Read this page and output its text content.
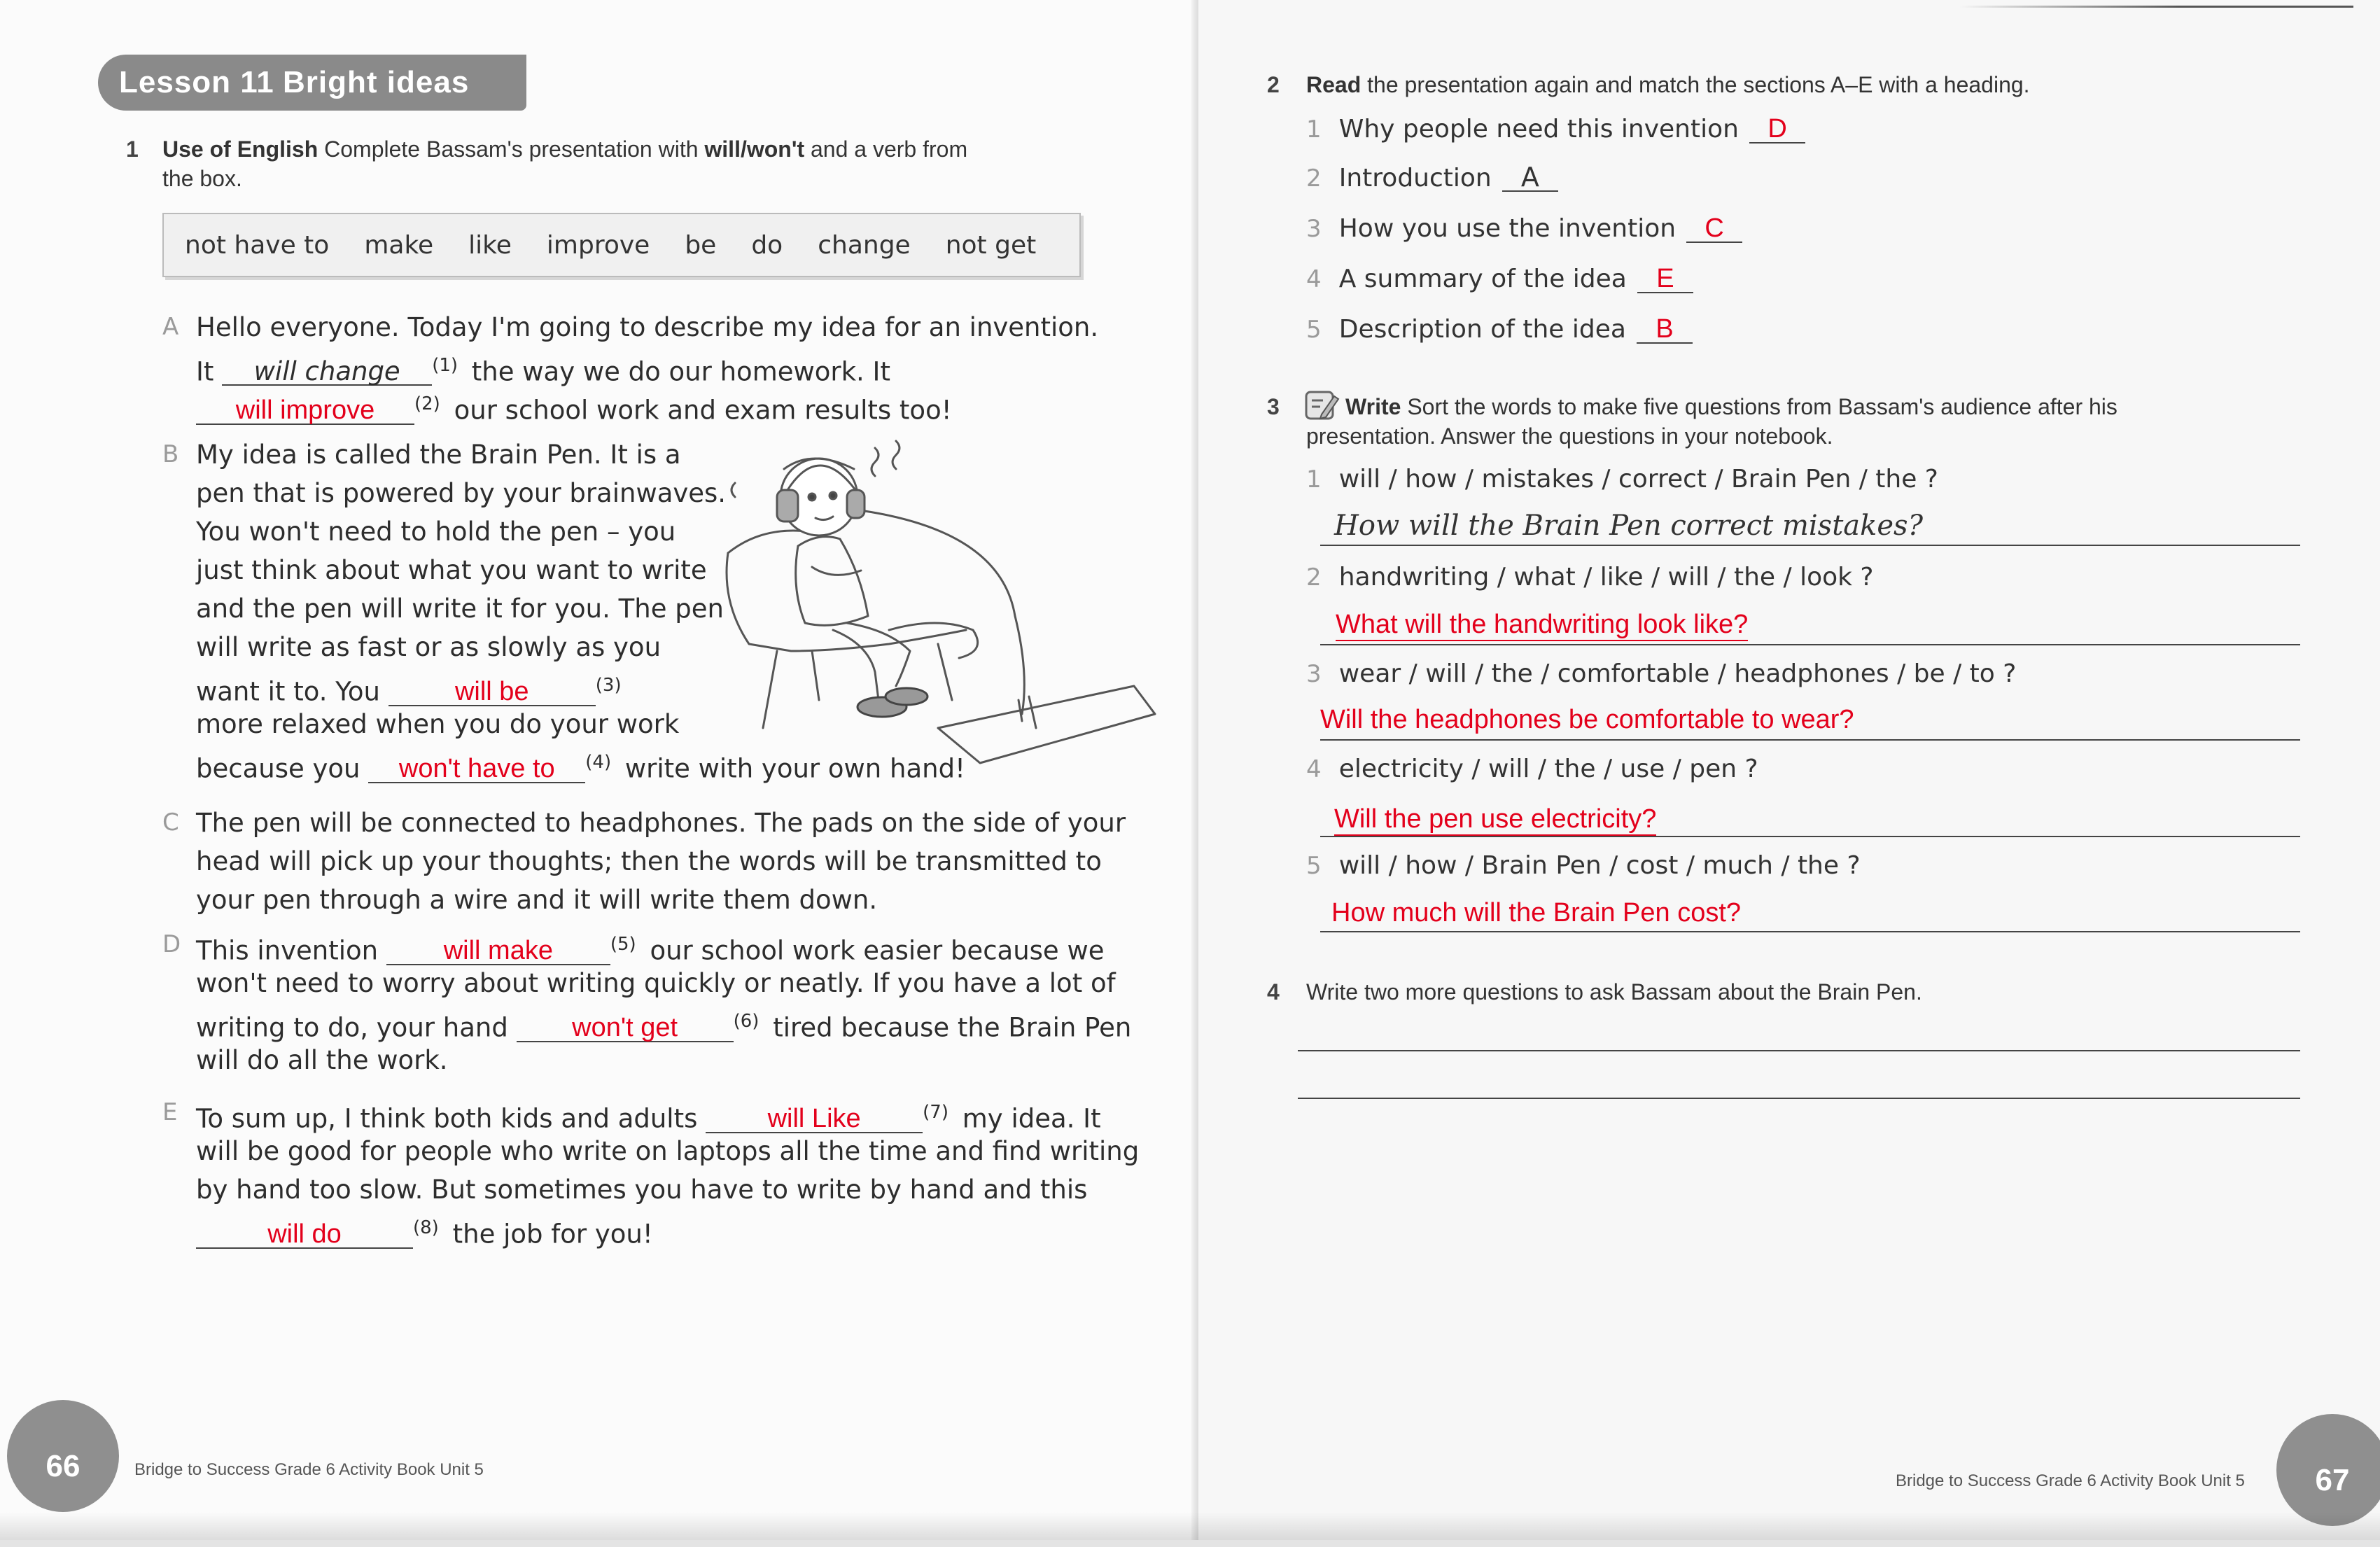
Lesson 11 Bright ideas
1 Use of English Complete Bassam's presentation with will/won't and a verb from
the box.
not have to make like improve be do change not get
A Hello everyone. Today I'm going to describe my idea for an invention.
It will change $^{(1)}$ the way we do our homework. It
will improve $^{(2)}$ our school work and exam results too!
B My idea is called the Brain Pen. It is a
pen that is powered by your brainwaves.
You won't need to hold the pen – you
just think about what you want to write
and the pen will write it for you. The pen
will write as fast or as slowly as you
want it to. You	will be	$^{(3)}$
more relaxed when you do your work
because you won't have to $^{(4)}$ write with your own hand!
C The pen will be connected to headphones. The pads on the side of your
head will pick up your thoughts; then the words will be transmitted to
your pen through a wire and it will write them down.
D This invention will make	$^{(5)}$ our school work easier because we
won't need to worry about writing quickly or neatly. If you have a lot of
writing to do, your hand won't get	$^{(6)}$ tired because the Brain Pen
will do all the work.
E To sum up, I think both kids and adults	will Like	$^{(7)}$ my idea. It
will be good for people who write on laptops all the time and find writing
by hand too slow. But sometimes you have to write by hand and this
will do	$^{(8)}$ the job for you!
66	Bridge to Success Grade 6 Activity Book Unit 5
2 Read the presentation again and match the sections A–E with a heading.
1 Why people need this invention D
2 Introduction A
3 How you use the invention C
4 A summary of the idea E
5 Description of the idea B
3	Write Sort the words to make five questions from Bassam's audience after his
presentation. Answer the questions in your notebook.
1 will / how / mistakes / correct / Brain Pen / the ?
How will the Brain Pen correct mistakes?
2 handwriting / what / like / will / the / look ?
What will the handwriting look like?
3 wear / will / the / comfortable / headphones / be / to ?
Will the headphones be comfortable to wear?
4 electricity / will / the / use / pen ?
Will the pen use electricity?
5 will / how / Brain Pen / cost / much / the ?
How much will the Brain Pen cost?
4 Write two more questions to ask Bassam about the Brain Pen.
Bridge to Success Grade 6 Activity Book Unit 5	67
